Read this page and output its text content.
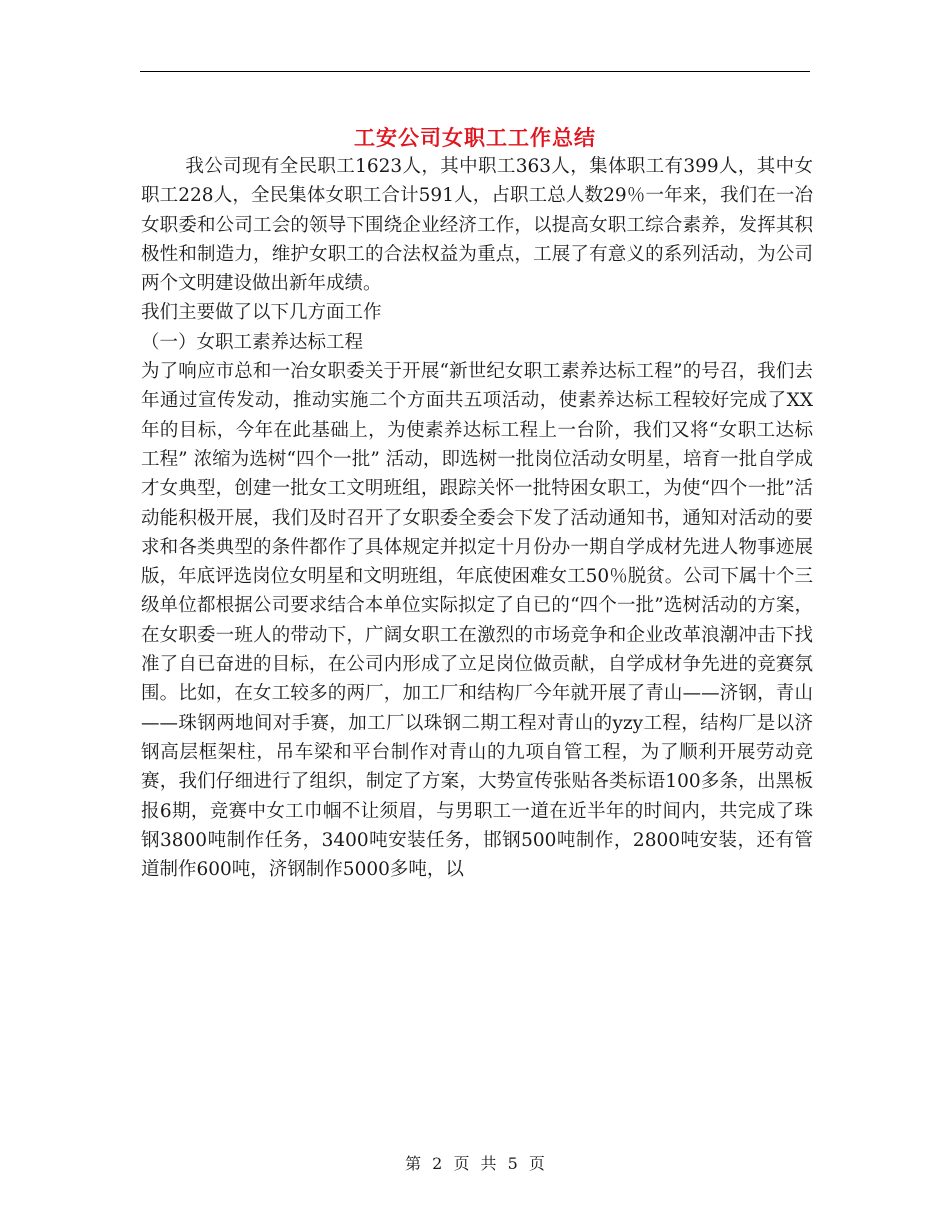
工安公司女职工工作总结

我公司现有全民职工1623人，其中职工363人，集体职工有399人，其中女职工228人，全民集体女职工合计591人，占职工总人数29％一年来，我们在一冶女职委和公司工会的领导下围绕企业经济工作，以提高女职工综合素养，发挥其积极性和制造力，维护女职工的合法权益为重点，工展了有意义的系列活动，为公司两个文明建设做出新年成绩。

我们主要做了以下几方面工作

（一）女职工素养达标工程

为了响应市总和一冶女职委关于开展“新世纪女职工素养达标工程”的号召，我们去年通过宣传发动，推动实施二个方面共五项活动，使素养达标工程较好完成了XX年的目标，今年在此基础上，为使素养达标工程上一台阶，我们又将“女职工达标工程” 浓缩为选树“四个一批” 活动，即选树一批岗位活动女明星，培育一批自学成才女典型，创建一批女工文明班组，跟踪关怀一批特困女职工，为使“四个一批”活动能积极开展，我们及时召开了女职委全委会下发了活动通知书，通知对活动的要求和各类典型的条件都作了具体规定并拟定十月份办一期自学成材先进人物事迹展版，年底评选岗位女明星和文明班组，年底使困难女工50％脱贫。公司下属十个三级单位都根据公司要求结合本单位实际拟定了自已的“四个一批”选树活动的方案，在女职委一班人的带动下，广阔女职工在激烈的市场竞争和企业改革浪潮冲击下找准了自已奋进的目标，在公司内形成了立足岗位做贡献，自学成材争先进的竞赛氛围。比如，在女工较多的两厂，加工厂和结构厂今年就开展了青山——济钢，青山——珠钢两地间对手赛，加工厂以珠钢二期工程对青山的yzy工程，结构厂是以济钢高层框架柱，吊车梁和平台制作对青山的九项自管工程，为了顺利开展劳动竞赛，我们仔细进行了组织，制定了方案，大势宣传张贴各类标语100多条，出黑板报6期，竞赛中女工巾帼不让须眉，与男职工一道在近半年的时间内，共完成了珠钢3800吨制作任务，3400吨安装任务，邯钢500吨制作，2800吨安装，还有管道制作600吨，济钢制作5000多吨，以

第 2 页 共 5 页
